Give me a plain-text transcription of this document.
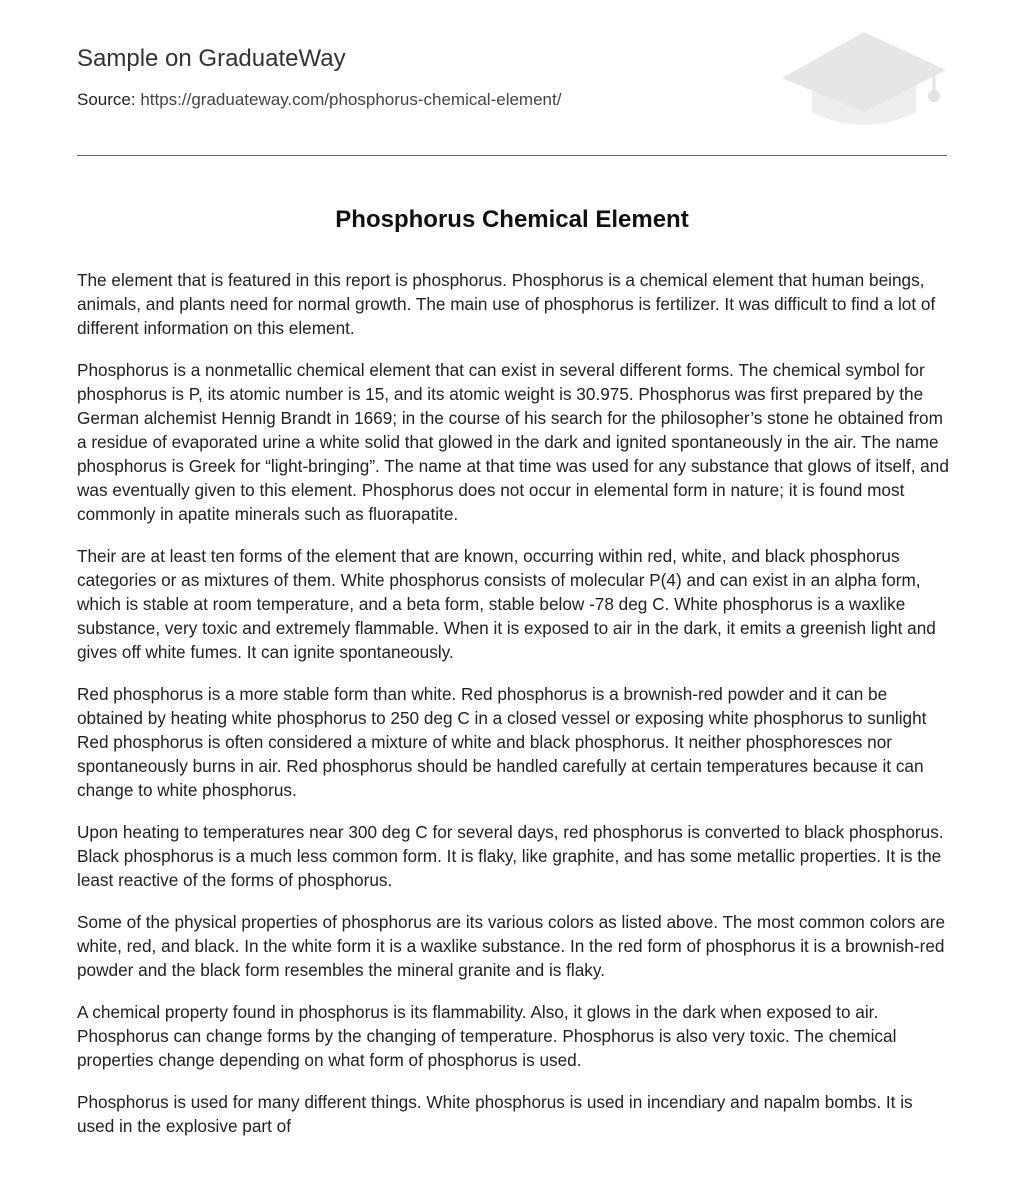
Sample on GraduateWay
Source: https://graduateway.com/phosphorus-chemical-element/
Phosphorus Chemical Element

The element that is featured in this report is phosphorus. Phosphorus is a chemical element that human beings, animals, and plants need for normal growth. The main use of phosphorus is fertilizer. It was difficult to find a lot of different information on this element.

Phosphorus is a nonmetallic chemical element that can exist in several different forms. The chemical symbol for phosphorus is P, its atomic number is 15, and its atomic weight is 30.975. Phosphorus was first prepared by the German alchemist Hennig Brandt in 1669; in the course of his search for the philosopher’s stone he obtained from a residue of evaporated urine a white solid that glowed in the dark and ignited spontaneously in the air. The name phosphorus is Greek for “light-bringing”. The name at that time was used for any substance that glows of itself, and was eventually given to this element. Phosphorus does not occur in elemental form in nature; it is found most commonly in apatite minerals such as fluorapatite.

Their are at least ten forms of the element that are known, occurring within red, white, and black phosphorus categories or as mixtures of them. White phosphorus consists of molecular P(4) and can exist in an alpha form, which is stable at room temperature, and a beta form, stable below -78 deg C. White phosphorus is a waxlike substance, very toxic and extremely flammable. When it is exposed to air in the dark, it emits a greenish light and gives off white fumes. It can ignite spontaneously.

Red phosphorus is a more stable form than white. Red phosphorus is a brownish-red powder and it can be obtained by heating white phosphorus to 250 deg C in a closed vessel or exposing white phosphorus to sunlight Red phosphorus is often considered a mixture of white and black phosphorus. It neither phosphoresces nor spontaneously burns in air. Red phosphorus should be handled carefully at certain temperatures because it can change to white phosphorus.

Upon heating to temperatures near 300 deg C for several days, red phosphorus is converted to black phosphorus. Black phosphorus is a much less common form. It is flaky, like graphite, and has some metallic properties. It is the least reactive of the forms of phosphorus.

Some of the physical properties of phosphorus are its various colors as listed above. The most common colors are white, red, and black. In the white form it is a waxlike substance. In the red form of phosphorus it is a brownish-red powder and the black form resembles the mineral granite and is flaky.

A chemical property found in phosphorus is its flammability. Also, it glows in the dark when exposed to air. Phosphorus can change forms by the changing of temperature. Phosphorus is also very toxic. The chemical properties change depending on what form of phosphorus is used.

Phosphorus is used for many different things. White phosphorus is used in incendiary and napalm bombs. It is used in the explosive part of
